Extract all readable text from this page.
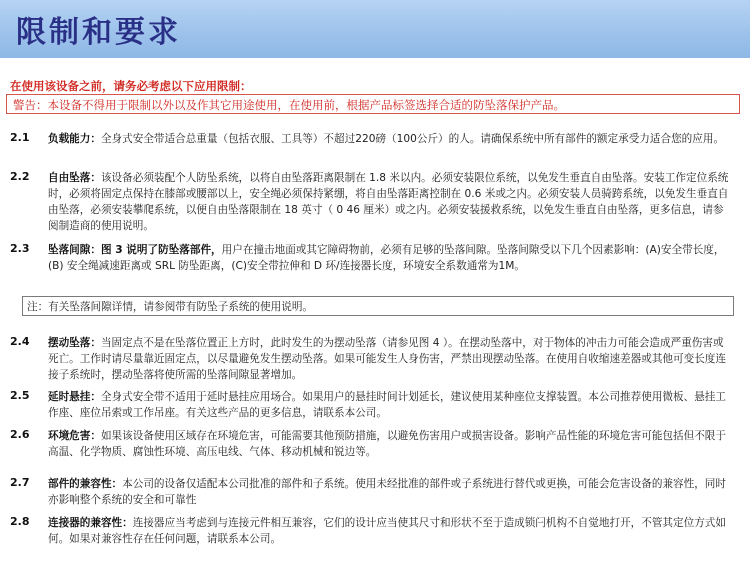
限制和要求
在使用该设备之前，请务必考虑以下应用限制：
警告：本设备不得用于限制以外以及作其它用途使用，在使用前，根据产品标签选择合适的防坠落保护产品。
2.1	负载能力：全身式安全带适合总重量（包括衣服、工具等）不超过220磅（100公斤）的人。请确保系统中所有部件的额定承受力适合您的应用。
2.2	自由坠落：该设备必须装配个人防坠系统，以将自由坠落距离限制在 1.8 米以内。必须安装限位系统，以免发生垂直自由坠落。安装工作定位系统时，必须将固定点保持在膝部或腰部以上，安全绳必须保持紧绷，将自由坠落距离控制在 0.6 米或之内。必须安装人员骑跨系统，以免发生垂直自由坠落，必须安装攀爬系统，以便自由坠落限制在 18 英寸（ 0 46 厘米）或之内。必须安装援救系统，以免发生垂直自由坠落，更多信息，请参阅制造商的使用说明。
2.3	坠落间隙：图 3 说明了防坠落部件，用户在撞击地面或其它障碍物前，必须有足够的坠落间隙。坠落间隙受以下几个因素影响：(A)安全带长度，(B) 安全绳减速距离或 SRL 防坠距离，(C)安全带拉伸和 D 环/连接器长度，环境安全系数通常为1M。
注：有关坠落间隙详情，请参阅带有防坠子系统的使用说明。
2.4	摆动坠落：当固定点不是在坠落位置正上方时，此时发生的为摆动坠落（请参见图 4 ）。在摆动坠落中，对于物体的冲击力可能会造成严重伤害或死亡。工作时请尽量靠近固定点，以尽量避免发生摆动坠落。如果可能发生人身伤害，严禁出现摆动坠落。在使用自收缩速差器或其他可变长度连接子系统时，摆动坠落将使所需的坠落间隙显著增加。
2.5	延时悬挂：全身式安全带不适用于延时悬挂应用场合。如果用户的悬挂时间计划延长，建议使用某种座位支撑装置。本公司推荐使用微板、悬挂工作座、座位吊索或工作吊座。有关这些产品的更多信息，请联系本公司。
2.6	环境危害：如果该设备使用区域存在环境危害，可能需要其他预防措施，以避免伤害用户或损害设备。影响产品性能的环境危害可能包括但不限于高温、化学物质、腐蚀性环境、高压电线、气体、移动机械和锐边等。
2.7	部件的兼容性：本公司的设备仅适配本公司批准的部件和子系统。使用未经批准的部件或子系统进行替代或更换，可能会危害设备的兼容性，同时亦影响整个系统的安全和可靠性
2.8	连接器的兼容性：连接器应当考虑到与连接元件相互兼容，它们的设计应当使其尺寸和形状不至于造成锁闩机构不自觉地打开，不管其定位方式如何。如果对兼容性存在任何问题，请联系本公司。
